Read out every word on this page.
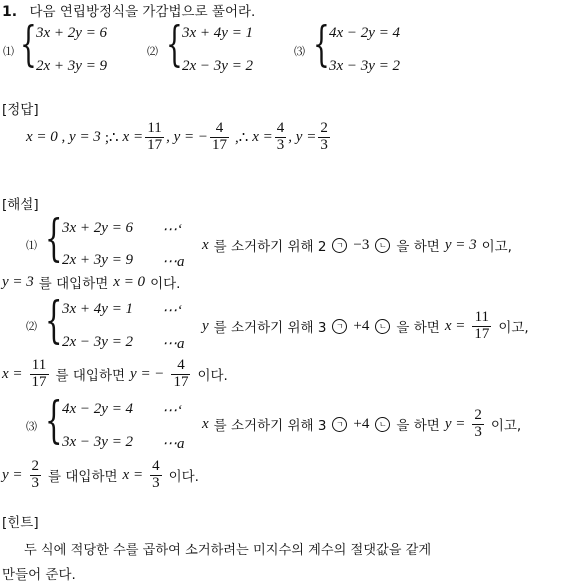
1. 다음 연립방정식을 가감법으로 풀어라.
⑴ { 3x + 2y = 6
2x + 3y = 9
⑵ { 3x + 4y = 1
2x − 3y = 2
⑶ { 4x − 2y = 4
3x − 3y = 2
[정답]
x = 0 , y = 3 ;∴ $x = \frac{11}{17}$ , y = − $\frac{4}{17}$ ,∴ $x = \frac{4}{3}$ , $y = \frac{2}{3}$
[해설]
⑴ { 3x + 2y = 6 ⋯‘
2x + 3y = 9 ⋯a
x 를 소거하기 위해 2	ㄱ −3	ㄴ 을 하면 y = 3 이고,
y = 3 를 대입하면 x = 0 이다.
⑵ { 3x + 4y = 1 ⋯‘
2x − 3y = 2 ⋯a
y 를 소거하기 위해 3	ㄱ +4	ㄴ 을 하면 $x = \frac{11}{17}$ 이고,
$x = \frac{11}{17}$ 를 대입하면 y = − $\frac{4}{17}$ 이다.
⑶ { 4x − 2y = 4 ⋯‘
3x − 3y = 2 ⋯a
x 를 소거하기 위해 3	ㄱ +4	ㄴ 을 하면 $y = \frac{2}{3}$ 이고,
$y = \frac{2}{3}$ 를 대입하면 $x = \frac{4}{3}$ 이다.
[힌트]
두 식에 적당한 수를 곱하여 소거하려는 미지수의 계수의 절댓값을 같게
만들어 준다.
